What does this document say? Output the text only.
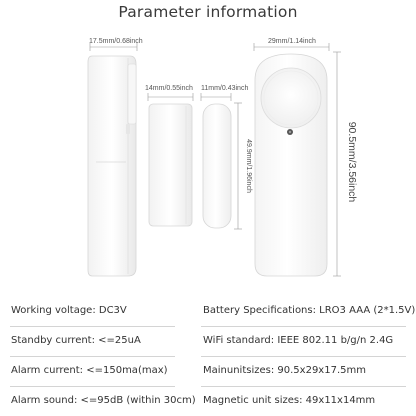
Parameter information
17.5mm/0.68inch
14mm/0.55inch 11mm/0.43inch
49.9mm/1.96inch
29mm/1.14inch
90.5mm/3.56inch
Working voltage: DC3V	Battery Specifications: LRO3 AAA (2*1.5V)
Standby current: <=25uA	WiFi standard: IEEE 802.11 b/g/n 2.4G
Alarm current: <=150ma(max)	Mainunitsizes: 90.5x29x17.5mm
Alarm sound: <=95dB (within 30cm) Magnetic unit sizes: 49x11x14mm
